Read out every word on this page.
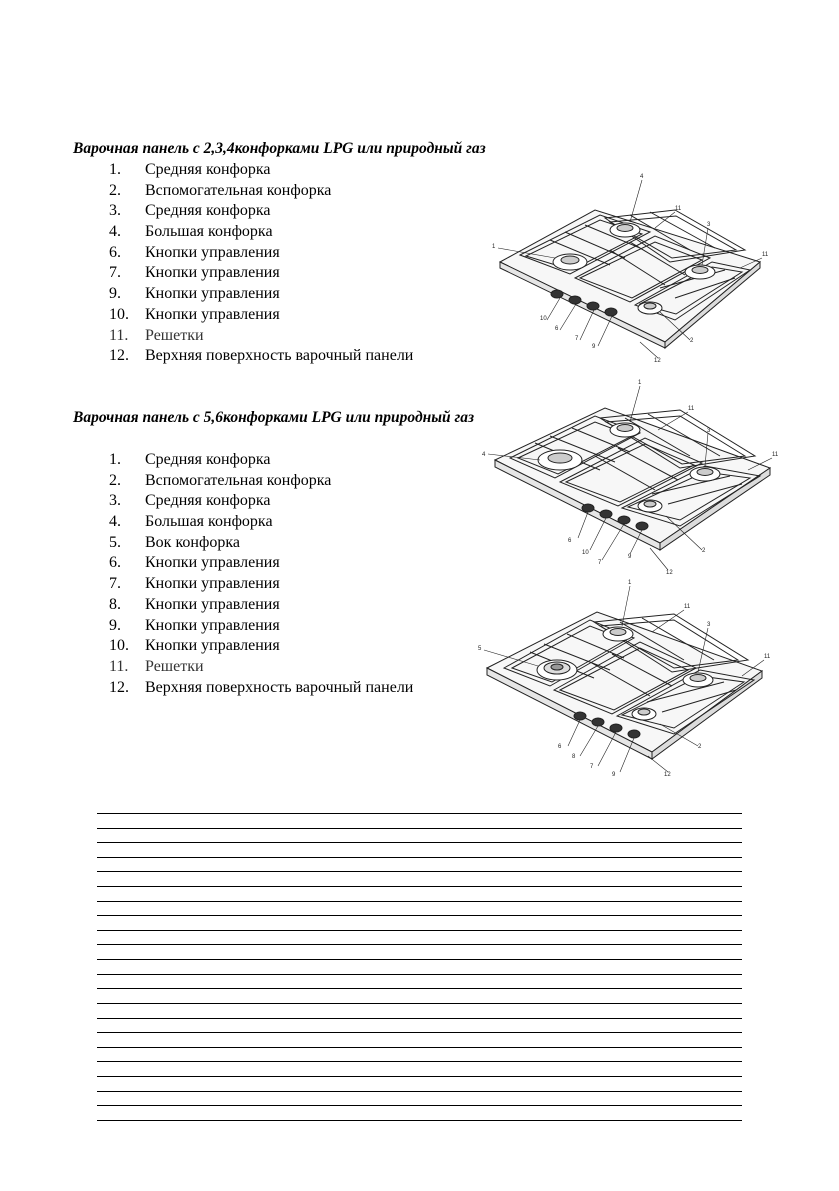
Варочная панель с 2,3,4конфорками LPG или природный газ
1.	Средняя конфорка
2.	Вспомогательная конфорка
3.	Средняя конфорка
4.	Большая конфорка
6.	Кнопки управления
7.	Кнопки управления
9.	Кнопки управления
10.	Кнопки управления
11.	Решетки
12.	Верхняя поверхность варочный панели
4
11
3
1
11
10
6
7
9
2
12
Варочная панель с 5,6конфорками LPG или природный газ
1.	Средняя конфорка
2.	Вспомогательная конфорка
3.	Средняя конфорка
4.	Большая конфорка
5.	Вок конфорка
6.	Кнопки управления
7.	Кнопки управления
8.	Кнопки управления
9.	Кнопки управления
10.	Кнопки управления
11.	Решетки
12.	Верхняя поверхность варочный панели
1
11
3
4	11
6
10
7
9
2
12
1
11
3
5
11
6
8
7
9
2
12
